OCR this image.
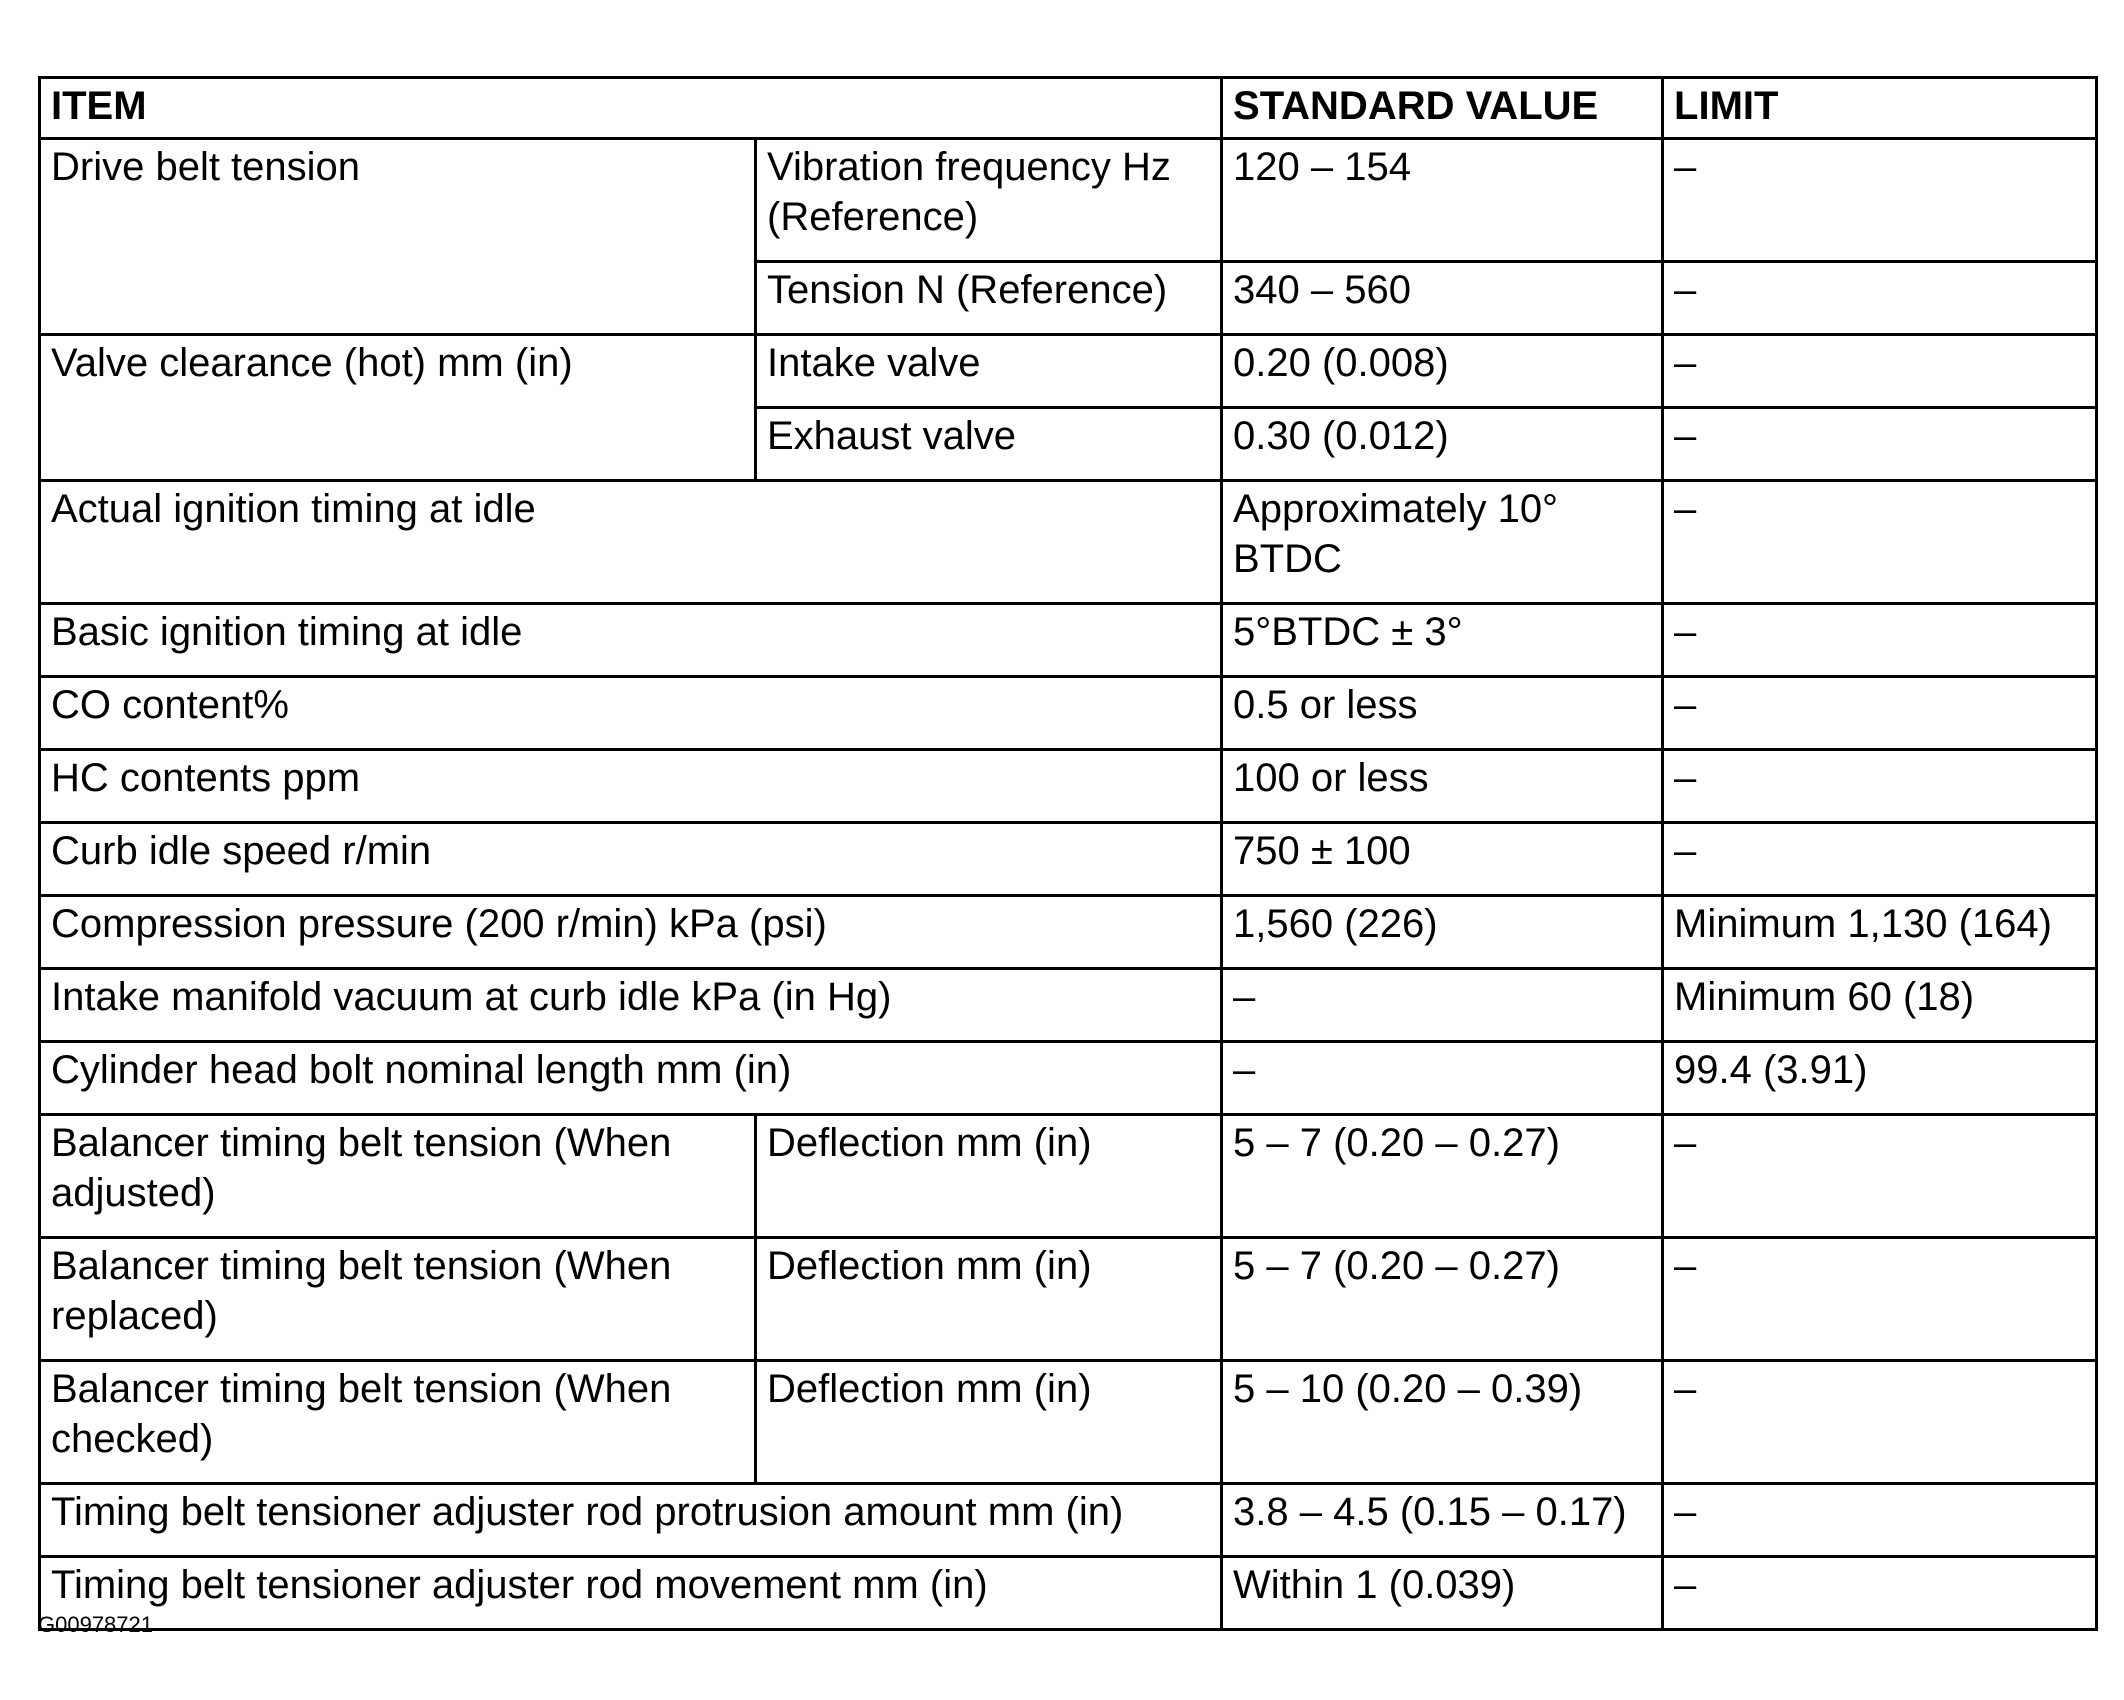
ITEM		STANDARD VALUE	LIMIT
Drive belt tension	Vibration frequency Hz (Reference)	120 – 154	–
	Tension N (Reference)	340 – 560	–
Valve clearance (hot) mm (in)	Intake valve	0.20 (0.008)	–
	Exhaust valve	0.30 (0.012)	–
Actual ignition timing at idle		Approximately 10° BTDC	–
Basic ignition timing at idle		5°BTDC ± 3°	–
CO content%		0.5 or less	–
HC contents ppm		100 or less	–
Curb idle speed r/min		750 ± 100	–
Compression pressure (200 r/min) kPa (psi)		1,560 (226)	Minimum 1,130 (164)
Intake manifold vacuum at curb idle kPa (in Hg)		–	Minimum 60 (18)
Cylinder head bolt nominal length mm (in)		–	99.4 (3.91)
Balancer timing belt tension (When adjusted)	Deflection mm (in)	5 – 7 (0.20 – 0.27)	–
Balancer timing belt tension (When replaced)	Deflection mm (in)	5 – 7 (0.20 – 0.27)	–
Balancer timing belt tension (When checked)	Deflection mm (in)	5 – 10 (0.20 – 0.39)	–
Timing belt tensioner adjuster rod protrusion amount mm (in)		3.8 – 4.5 (0.15 – 0.17)	–
Timing belt tensioner adjuster rod movement mm (in)		Within 1 (0.039)	–
G00978721
